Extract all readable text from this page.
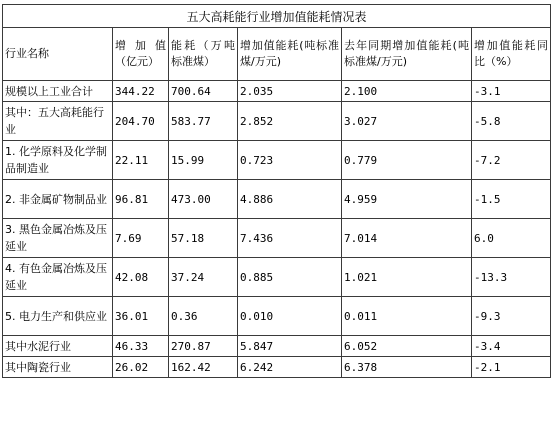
五大高耗能行业增加值能耗情况表					
行业名称	增 加 值（亿元）	能耗（万吨标准煤）	增加值能耗(吨标准煤/万元)	去年同期增加值能耗(吨标准煤/万元)	增加值能耗同比（%）
规模以上工业合计	344.22	700.64	2.035	2.100	-3.1
其中：五大高耗能行业	204.70	583.77	2.852	3.027	-5.8
1. 化学原料及化学制品制造业	22.11	15.99	0.723	0.779	-7.2
2. 非金属矿物制品业	96.81	473.00	4.886	4.959	-1.5
3. 黑色金属冶炼及压延业	7.69	57.18	7.436	7.014	6.0
4. 有色金属冶炼及压延业	42.08	37.24	0.885	1.021	-13.3
5. 电力生产和供应业	36.01	0.36	0.010	0.011	-9.3
其中水泥行业	46.33	270.87	5.847	6.052	-3.4
其中陶瓷行业	26.02	162.42	6.242	6.378	-2.1
